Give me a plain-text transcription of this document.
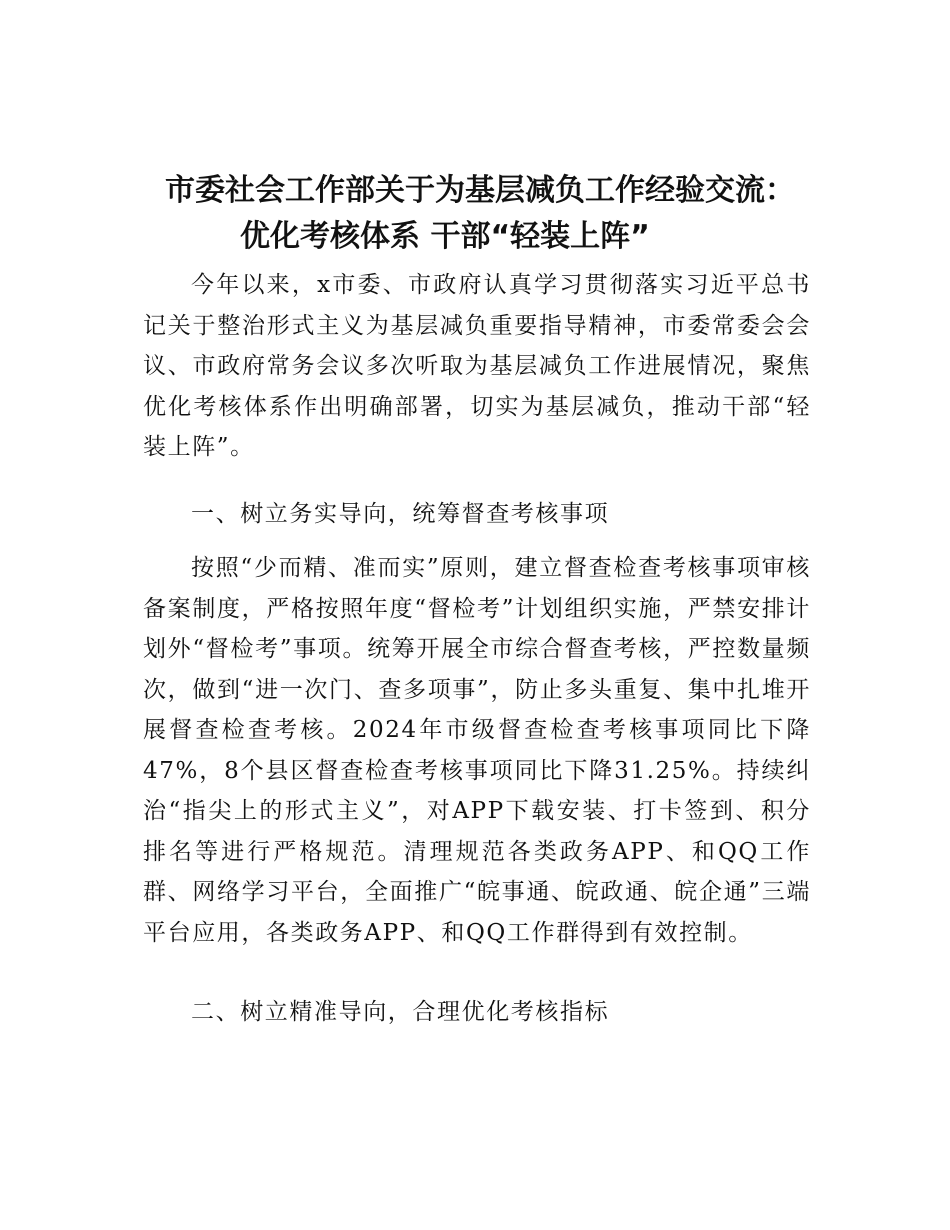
市委社会工作部关于为基层减负工作经验交流：
优化考核体系 干部“轻装上阵”

今年以来，x市委、市政府认真学习贯彻落实习近平总书记关于整治形式主义为基层减负重要指导精神，市委常委会会议、市政府常务会议多次听取为基层减负工作进展情况，聚焦优化考核体系作出明确部署，切实为基层减负，推动干部“轻装上阵”。

一、树立务实导向，统筹督查考核事项

按照“少而精、准而实”原则，建立督查检查考核事项审核备案制度，严格按照年度“督检考”计划组织实施，严禁安排计划外“督检考”事项。统筹开展全市综合督查考核，严控数量频次，做到“进一次门、查多项事”，防止多头重复、集中扎堆开展督查检查考核。2024年市级督查检查考核事项同比下降47%，8个县区督查检查考核事项同比下降31.25%。持续纠治“指尖上的形式主义”，对APP下载安装、打卡签到、积分排名等进行严格规范。清理规范各类政务APP、和QQ工作群、网络学习平台，全面推广“皖事通、皖政通、皖企通”三端平台应用，各类政务APP、和QQ工作群得到有效控制。

二、树立精准导向，合理优化考核指标
